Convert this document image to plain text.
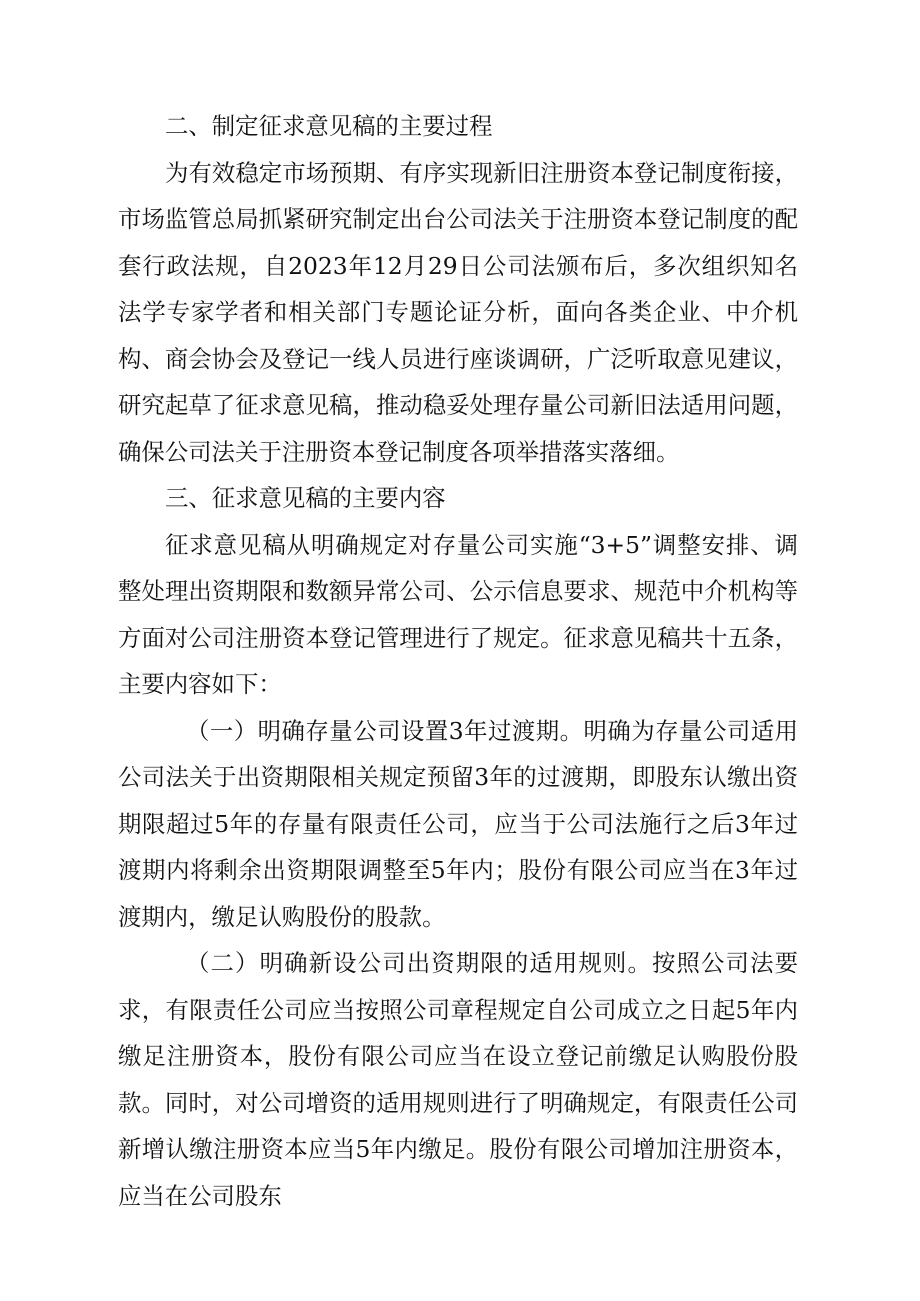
二、制定征求意见稿的主要过程

为有效稳定市场预期、有序实现新旧注册资本登记制度衔接，市场监管总局抓紧研究制定出台公司法关于注册资本登记制度的配套行政法规，自2023年12月29日公司法颁布后，多次组织知名法学专家学者和相关部门专题论证分析，面向各类企业、中介机构、商会协会及登记一线人员进行座谈调研，广泛听取意见建议，研究起草了征求意见稿，推动稳妥处理存量公司新旧法适用问题，确保公司法关于注册资本登记制度各项举措落实落细。

三、征求意见稿的主要内容

征求意见稿从明确规定对存量公司实施“3+5”调整安排、调整处理出资期限和数额异常公司、公示信息要求、规范中介机构等方面对公司注册资本登记管理进行了规定。征求意见稿共十五条，主要内容如下：

（一）明确存量公司设置3年过渡期。明确为存量公司适用公司法关于出资期限相关规定预留3年的过渡期，即股东认缴出资期限超过5年的存量有限责任公司，应当于公司法施行之后3年过渡期内将剩余出资期限调整至5年内；股份有限公司应当在3年过渡期内，缴足认购股份的股款。

（二）明确新设公司出资期限的适用规则。按照公司法要求，有限责任公司应当按照公司章程规定自公司成立之日起5年内缴足注册资本，股份有限公司应当在设立登记前缴足认购股份股款。同时，对公司增资的适用规则进行了明确规定，有限责任公司新增认缴注册资本应当5年内缴足。股份有限公司增加注册资本，应当在公司股东
